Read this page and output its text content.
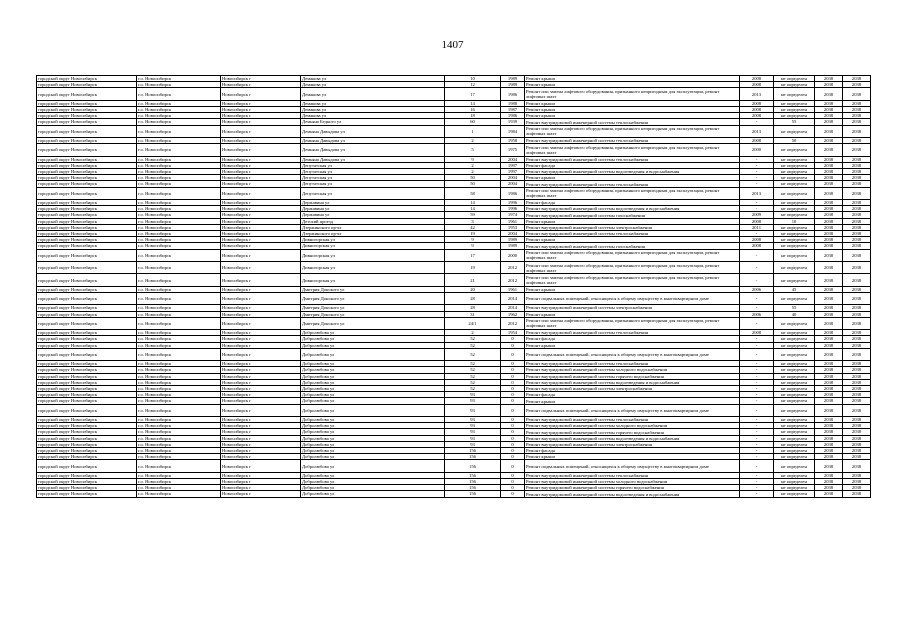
1407
городской округ Новосибирск	г.о. Новосибирск	Новосибирск г	Демакова ул	10	1989	Ремонт крыши	2008	не определен	2038	2038
городской округ Новосибирск	г.о. Новосибирск	Новосибирск г	Демакова ул	12	1989	Ремонт крыши	2008	не определен	2038	2038
городской округ Новосибирск	г.о. Новосибирск	Новосибирск г	Демакова ул	17	1986	Ремонт или замена лифтового оборудования, признанного непригодным для эксплуатации, ремонт лифтовых шахт	2013	не определен	2038	2038
городской округ Новосибирск	г.о. Новосибирск	Новосибирск г	Демакова ул	14	1988	Ремонт крыши	2008	не определен	2038	2038
городской округ Новосибирск	г.о. Новосибирск	Новосибирск г	Демакова ул	16	1987	Ремонт крыши	2008	не определен	2038	2038
городской округ Новосибирск	г.о. Новосибирск	Новосибирск г	Демакова ул	18	1986	Ремонт крыши	2008	не определен	2038	2038
городской округ Новосибирск	г.о. Новосибирск	Новосибирск г	Демьяна Бедного ул	60	1939	Ремонт внутридомовой инженерной системы теплоснабжения	-	55	2038	2038
городской округ Новосибирск	г.о. Новосибирск	Новосибирск г	Демьяна Давыдова ул	1	1984	Ремонт или замена лифтового оборудования, признанного непригодным для эксплуатации, ремонт лифтовых шахт	2013	не определен	2038	2038
городской округ Новосибирск	г.о. Новосибирск	Новосибирск г	Демьяна Давыдова ул	2	1958	Ремонт внутридомовой инженерной системы теплоснабжения	2008	50	2038	2038
городской округ Новосибирск	г.о. Новосибирск	Новосибирск г	Демьяна Давыдова ул	5	1975	Ремонт или замена лифтового оборудования, признанного непригодным для эксплуатации, ремонт лифтовых шахт	2000	не определен	2038	2038
городской округ Новосибирск	г.о. Новосибирск	Новосибирск г	Демьяна Давыдова ул	9	2004	Ремонт внутридомовой инженерной системы теплоснабжения	-	не определен	2038	2038
городской округ Новосибирск	г.о. Новосибирск	Новосибирск г	Депутатская ул	2	1997	Ремонт фасада	-	не определен	2038	2038
городской округ Новосибирск	г.о. Новосибирск	Новосибирск г	Депутатская ул	2	1997	Ремонт внутридомовой инженерной системы водоотведения и водоснабжения	-	не определен	2038	2038
городской округ Новосибирск	г.о. Новосибирск	Новосибирск г	Депутатская ул	50	2004	Ремонт крыши	-	не определен	2038	2038
городской округ Новосибирск	г.о. Новосибирск	Новосибирск г	Депутатская ул	50	2004	Ремонт внутридомовой инженерной системы теплоснабжения	-	не определен	2038	2038
городской округ Новосибирск	г.о. Новосибирск	Новосибирск г	Депутатская ул	58	1986	Ремонт или замена лифтового оборудования, признанного непригодным для эксплуатации, ремонт лифтовых шахт	2013	не определен	2038	2038
городской округ Новосибирск	г.о. Новосибирск	Новосибирск г	Державина ул	14	1996	Ремонт фасада	-	не определен	2038	2038
городской округ Новосибирск	г.о. Новосибирск	Новосибирск г	Державина ул	14	1996	Ремонт внутридомовой инженерной системы водоотведения и водоснабжения	-	не определен	2038	2038
городской округ Новосибирск	г.о. Новосибирск	Новосибирск г	Державина ул	59	1974	Ремонт внутридомовой инженерной системы газоснабжения	2009	не определен	2038	2038
городской округ Новосибирск	г.о. Новосибирск	Новосибирск г	Детский проезд	3	1961	Ремонт крыши	2008	10	2038	2038
городской округ Новосибирск	г.о. Новосибирск	Новосибирск г	Дзержинского пр-кт	42	1953	Ремонт внутридомовой инженерной системы электроснабжения	2011	не определен	2038	2038
городской округ Новосибирск	г.о. Новосибирск	Новосибирск г	Дзержинского пр-кт	19	2004	Ремонт внутридомовой инженерной системы теплоснабжения	-	не определен	2038	2038
городской округ Новосибирск	г.о. Новосибирск	Новосибирск г	Дивногорская ул	9	1989	Ремонт крыши	2008	не определен	2038	2038
городской округ Новосибирск	г.о. Новосибирск	Новосибирск г	Дивногорская ул	9	1989	Ремонт внутридомовой инженерной системы газоснабжения	2008	не определен	2038	2038
городской округ Новосибирск	г.о. Новосибирск	Новосибирск г	Дивногорская ул	17	2000	Ремонт или замена лифтового оборудования, признанного непригодным для эксплуатации, ремонт лифтовых шахт	-	не определен	2038	2038
городской округ Новосибирск	г.о. Новосибирск	Новосибирск г	Дивногорская ул	19	2012	Ремонт или замена лифтового оборудования, признанного непригодным для эксплуатации, ремонт лифтовых шахт	-	не определен	2038	2038
городской округ Новосибирск	г.о. Новосибирск	Новосибирск г	Дивногорская ул	21	2012	Ремонт или замена лифтового оборудования, признанного непригодным для эксплуатации, ремонт лифтовых шахт	-	не определен	2038	2038
городской округ Новосибирск	г.о. Новосибирск	Новосибирск г	Дмитрия Донского ул	20	1961	Ремонт крыши	2006	45	2038	2038
городской округ Новосибирск	г.о. Новосибирск	Новосибирск г	Дмитрия Донского ул	28	2014	Ремонт подвальных помещений, относящихся к общему имуществу в многоквартирном доме	-	не определен	2038	2038
городской округ Новосибирск	г.о. Новосибирск	Новосибирск г	Дмитрия Донского ул	28	2014	Ремонт внутридомовой инженерной системы электроснабжения	-	55	2038	2038
городской округ Новосибирск	г.о. Новосибирск	Новосибирск г	Дмитрия Донского ул	31	1962	Ремонт крыши	2006	40	2038	2038
городской округ Новосибирск	г.о. Новосибирск	Новосибирск г	Дмитрия Донского ул	24/1	2012	Ремонт или замена лифтового оборудования, признанного непригодным для эксплуатации, ремонт лифтовых шахт	-	не определен	2038	2038
городской округ Новосибирск	г.о. Новосибирск	Новосибирск г	Добролюбова ул	2	1954	Ремонт внутридомовой инженерной системы теплоснабжения	2008	не определен	2038	2038
городской округ Новосибирск	г.о. Новосибирск	Новосибирск г	Добролюбова ул	52	0	Ремонт фасада	-	не определен	2038	2038
городской округ Новосибирск	г.о. Новосибирск	Новосибирск г	Добролюбова ул	52	0	Ремонт крыши	-	не определен	2038	2038
городской округ Новосибирск	г.о. Новосибирск	Новосибирск г	Добролюбова ул	52	0	Ремонт подвальных помещений, относящихся к общему имуществу в многоквартирном доме	-	не определен	2038	2038
городской округ Новосибирск	г.о. Новосибирск	Новосибирск г	Добролюбова ул	52	0	Ремонт внутридомовой инженерной системы теплоснабжения	-	не определен	2038	2038
городской округ Новосибирск	г.о. Новосибирск	Новосибирск г	Добролюбова ул	52	0	Ремонт внутридомовой инженерной системы холодного водоснабжения	-	не определен	2038	2038
городской округ Новосибирск	г.о. Новосибирск	Новосибирск г	Добролюбова ул	52	0	Ремонт внутридомовой инженерной системы горячего водоснабжения	-	не определен	2038	2038
городской округ Новосибирск	г.о. Новосибирск	Новосибирск г	Добролюбова ул	52	0	Ремонт внутридомовой инженерной системы водоотведения и водоснабжения	-	не определен	2038	2038
городской округ Новосибирск	г.о. Новосибирск	Новосибирск г	Добролюбова ул	52	0	Ремонт внутридомовой инженерной системы электроснабжения	-	не определен	2038	2038
городской округ Новосибирск	г.о. Новосибирск	Новосибирск г	Добролюбова ул	93	0	Ремонт фасада	-	не определен	2038	2038
городской округ Новосибирск	г.о. Новосибирск	Новосибирск г	Добролюбова ул	93	0	Ремонт крыши	-	не определен	2038	2038
городской округ Новосибирск	г.о. Новосибирск	Новосибирск г	Добролюбова ул	93	0	Ремонт подвальных помещений, относящихся к общему имуществу в многоквартирном доме	-	не определен	2038	2038
городской округ Новосибирск	г.о. Новосибирск	Новосибирск г	Добролюбова ул	93	0	Ремонт внутридомовой инженерной системы теплоснабжения	-	не определен	2038	2038
городской округ Новосибирск	г.о. Новосибирск	Новосибирск г	Добролюбова ул	93	0	Ремонт внутридомовой инженерной системы холодного водоснабжения	-	не определен	2038	2038
городской округ Новосибирск	г.о. Новосибирск	Новосибирск г	Добролюбова ул	93	0	Ремонт внутридомовой инженерной системы горячего водоснабжения	-	не определен	2038	2038
городской округ Новосибирск	г.о. Новосибирск	Новосибирск г	Добролюбова ул	93	0	Ремонт внутридомовой инженерной системы водоотведения и водоснабжения	-	не определен	2038	2038
городской округ Новосибирск	г.о. Новосибирск	Новосибирск г	Добролюбова ул	93	0	Ремонт внутридомовой инженерной системы электроснабжения	-	не определен	2038	2038
городской округ Новосибирск	г.о. Новосибирск	Новосибирск г	Добролюбова ул	156	0	Ремонт фасада	-	не определен	2038	2038
городской округ Новосибирск	г.о. Новосибирск	Новосибирск г	Добролюбова ул	156	0	Ремонт крыши	-	не определен	2038	2038
городской округ Новосибирск	г.о. Новосибирск	Новосибирск г	Добролюбова ул	156	0	Ремонт подвальных помещений, относящихся к общему имуществу в многоквартирном доме	-	не определен	2038	2038
городской округ Новосибирск	г.о. Новосибирск	Новосибирск г	Добролюбова ул	156	0	Ремонт внутридомовой инженерной системы теплоснабжения	-	не определен	2038	2038
городской округ Новосибирск	г.о. Новосибирск	Новосибирск г	Добролюбова ул	156	0	Ремонт внутридомовой инженерной системы холодного водоснабжения	-	не определен	2038	2038
городской округ Новосибирск	г.о. Новосибирск	Новосибирск г	Добролюбова ул	156	0	Ремонт внутридомовой инженерной системы горячего водоснабжения	-	не определен	2038	2038
городской округ Новосибирск	г.о. Новосибирск	Новосибирск г	Добролюбова ул	156	0	Ремонт внутридомовой инженерной системы водоотведения и водоснабжения	-	не определен	2038	2038
